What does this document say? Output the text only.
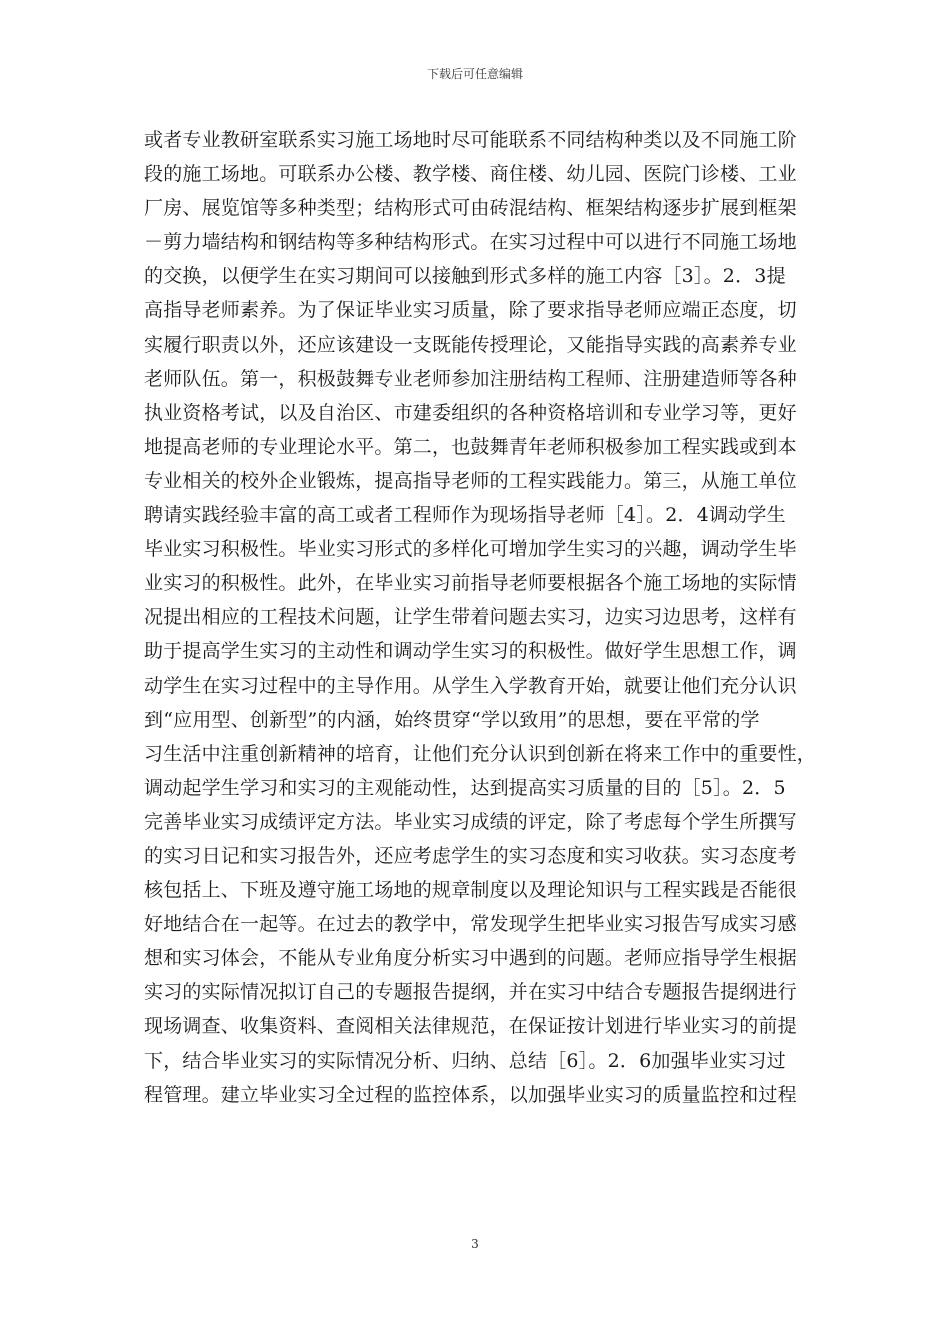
下载后可任意编辑
或者专业教研室联系实习施工场地时尽可能联系不同结构种类以及不同施工阶
段的施工场地。可联系办公楼、教学楼、商住楼、幼儿园、医院门诊楼、工业
厂房、展览馆等多种类型；结构形式可由砖混结构、框架结构逐步扩展到框架
－剪力墙结构和钢结构等多种结构形式。在实习过程中可以进行不同施工场地
的交换，以便学生在实习期间可以接触到形式多样的施工内容［3］。2．3提
高指导老师素养。为了保证毕业实习质量，除了要求指导老师应端正态度，切
实履行职责以外，还应该建设一支既能传授理论，又能指导实践的高素养专业
老师队伍。第一，积极鼓舞专业老师参加注册结构工程师、注册建造师等各种
执业资格考试，以及自治区、市建委组织的各种资格培训和专业学习等，更好
地提高老师的专业理论水平。第二，也鼓舞青年老师积极参加工程实践或到本
专业相关的校外企业锻炼，提高指导老师的工程实践能力。第三，从施工单位
聘请实践经验丰富的高工或者工程师作为现场指导老师［4］。2．4调动学生
毕业实习积极性。毕业实习形式的多样化可增加学生实习的兴趣，调动学生毕
业实习的积极性。此外，在毕业实习前指导老师要根据各个施工场地的实际情
况提出相应的工程技术问题，让学生带着问题去实习，边实习边思考，这样有
助于提高学生实习的主动性和调动学生实习的积极性。做好学生思想工作，调
动学生在实习过程中的主导作用。从学生入学教育开始，就要让他们充分认识
到“应用型、创新型”的内涵，始终贯穿“学以致用”的思想，要在平常的学
习生活中注重创新精神的培育，让他们充分认识到创新在将来工作中的重要性，
调动起学生学习和实习的主观能动性，达到提高实习质量的目的［5］。2．5
完善毕业实习成绩评定方法。毕业实习成绩的评定，除了考虑每个学生所撰写
的实习日记和实习报告外，还应考虑学生的实习态度和实习收获。实习态度考
核包括上、下班及遵守施工场地的规章制度以及理论知识与工程实践是否能很
好地结合在一起等。在过去的教学中，常发现学生把毕业实习报告写成实习感
想和实习体会，不能从专业角度分析实习中遇到的问题。老师应指导学生根据
实习的实际情况拟订自己的专题报告提纲，并在实习中结合专题报告提纲进行
现场调查、收集资料、查阅相关法律规范，在保证按计划进行毕业实习的前提
下，结合毕业实习的实际情况分析、归纳、总结［6］。2．6加强毕业实习过
程管理。建立毕业实习全过程的监控体系，以加强毕业实习的质量监控和过程
3
